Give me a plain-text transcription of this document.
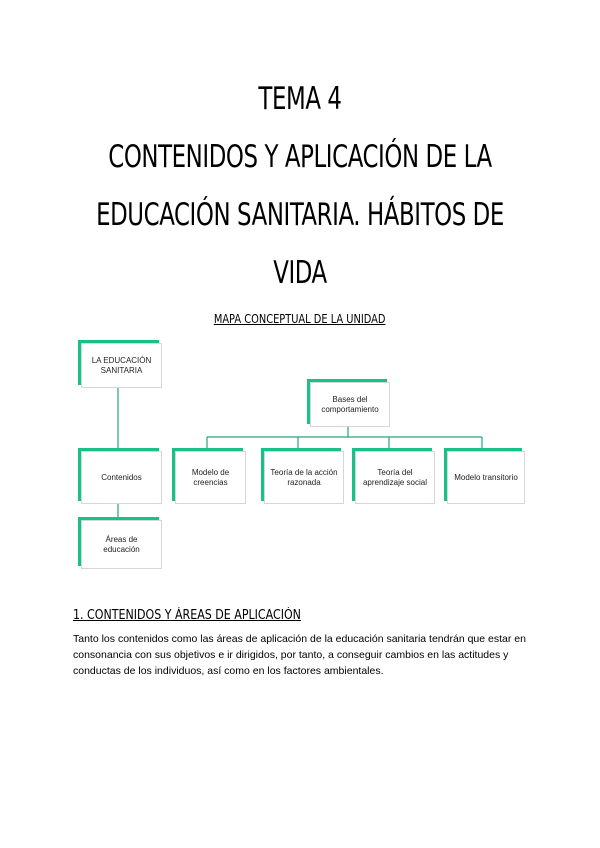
TEMA 4
CONTENIDOS Y APLICACIÓN DE LA
EDUCACIÓN SANITARIA. HÁBITOS DE
VIDA
MAPA CONCEPTUAL DE LA UNIDAD
LA EDUCACIÓN SANITARIA
Contenidos
Áreas de educación
Bases del comportamiento
Modelo de creencias
Teoría de la acción razonada
Teoría del aprendizaje social
Modelo transitorio
1. CONTENIDOS Y ÁREAS DE APLICACIÓN
Tanto los contenidos como las áreas de aplicación de la educación sanitaria tendrán que estar en consonancia con sus objetivos e ir dirigidos, por tanto, a conseguir cambios en las actitudes y conductas de los individuos, así como en los factores ambientales.
